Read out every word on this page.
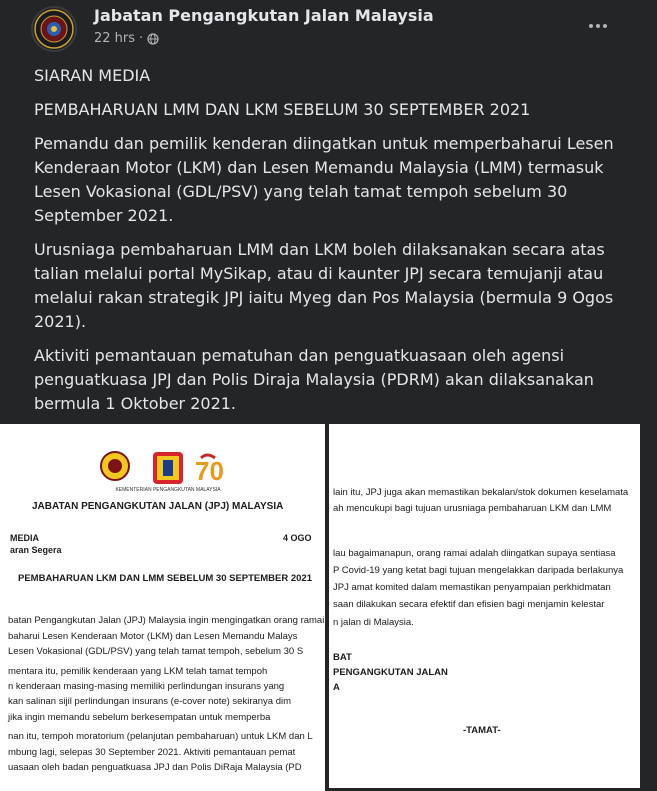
Jabatan Pengangkutan Jalan Malaysia
22 hrs ·

SIARAN MEDIA

PEMBAHARUAN LMM DAN LKM SEBELUM 30 SEPTEMBER 2021

Pemandu dan pemilik kenderan diingatkan untuk memperbaharui Lesen Kenderaan Motor (LKM) dan Lesen Memandu Malaysia (LMM) termasuk Lesen Vokasional (GDL/PSV) yang telah tamat tempoh sebelum 30 September 2021.

Urusniaga pembaharuan LMM dan LKM boleh dilaksanakan secara atas talian melalui portal MySikap, atau di kaunter JPJ secara temujanji atau melalui rakan strategik JPJ iaitu Myeg dan Pos Malaysia (bermula 9 Ogos 2021).

Aktiviti pemantauan pematuhan dan penguatkuasaan oleh agensi penguatkuasa JPJ dan Polis Diraja Malaysia (PDRM) akan dilaksanakan bermula 1 Oktober 2021.

70
KEMENTERIAN PENGANGKUTAN MALAYSIA
JABATAN PENGANGKUTAN JALAN (JPJ) MALAYSIA
MEDIA	4 OGO
aran Segera
PEMBAHARUAN LKM DAN LMM SEBELUM 30 SEPTEMBER 2021
batan Pengangkutan Jalan (JPJ) Malaysia ingin mengingatkan orang ramai
baharui Lesen Kenderaan Motor (LKM) dan Lesen Memandu Malays
Lesen Vokasional (GDL/PSV) yang telah tamat tempoh, sebelum 30 S
mentara itu, pemilik kenderaan yang LKM telah tamat tempoh
n kenderaan masing-masing memiliki perlindungan insurans yang
kan salinan sijil perlindungan insurans (e-cover note) sekiranya dim
jika ingin memandu sebelum berkesempatan untuk memperba
nan itu, tempoh moratorium (pelanjutan pembaharuan) untuk LKM dan L
mbung lagi, selepas 30 September 2021. Aktiviti pemantauan pemat
uasaan oleh badan penguatkuasa JPJ dan Polis DiRaja Malaysia (PD
lain itu, JPJ juga akan memastikan bekalan/stok dokumen keselamata
ah mencukupi bagi tujuan urusniaga pembaharuan LKM dan LMM
lau bagaimanapun, orang ramai adalah diingatkan supaya sentiasa
P Covid-19 yang ketat bagi tujuan mengelakkan daripada berlakunya
JPJ amat komited dalam memastikan penyampaian perkhidmatan
saan dilakukan secara efektif dan efisien bagi menjamin kelestar
n jalan di Malaysia.
BAT
PENGANGKUTAN JALAN
A
-TAMAT-
